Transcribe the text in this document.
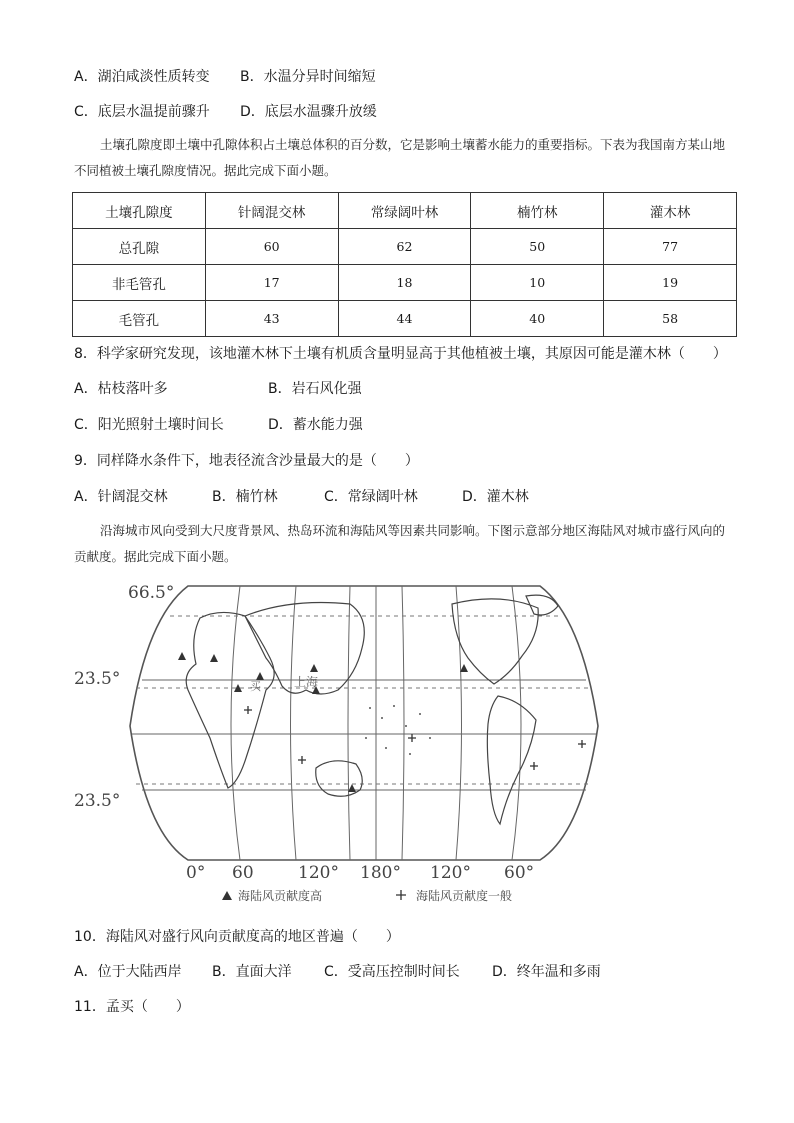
A．湖泊咸淡性质转变 B．水温分异时间缩短
C．底层水温提前骤升 D．底层水温骤升放缓
土壤孔隙度即土壤中孔隙体积占土壤总体积的百分数，它是影响土壤蓄水能力的重要指标。下表为我国南方某山地不同植被土壤孔隙度情况。据此完成下面小题。
土壤孔隙度	针阔混交林	常绿阔叶林	楠竹林	灌木林
总孔隙	60	62	50	77
非毛管孔	17	18	10	19
毛管孔	43	44	40	58
8．科学家研究发现，该地灌木林下土壤有机质含量明显高于其他植被土壤，其原因可能是灌木林（　　）
A．枯枝落叶多	B．岩石风化强
C．阳光照射土壤时间长	D．蓄水能力强
9．同样降水条件下，地表径流含沙量最大的是（　　）
A．针阔混交林	B．楠竹林	C．常绿阔叶林	D．灌木林
沿海城市风向受到大尺度背景风、热岛环流和海陆风等因素共同影响。下图示意部分地区海陆风对城市盛行风向的贡献度。据此完成下面小题。
66.5°
23.5°
23.5°
上海
买
0° 60	120° 180° 120° 60°
海陆风贡献度高	海陆风贡献度一般
10．海陆风对盛行风向贡献度高的地区普遍（　　）
A．位于大陆西岸 B．直面大洋 C．受高压控制时间长 D．终年温和多雨
11．孟买（　　）
